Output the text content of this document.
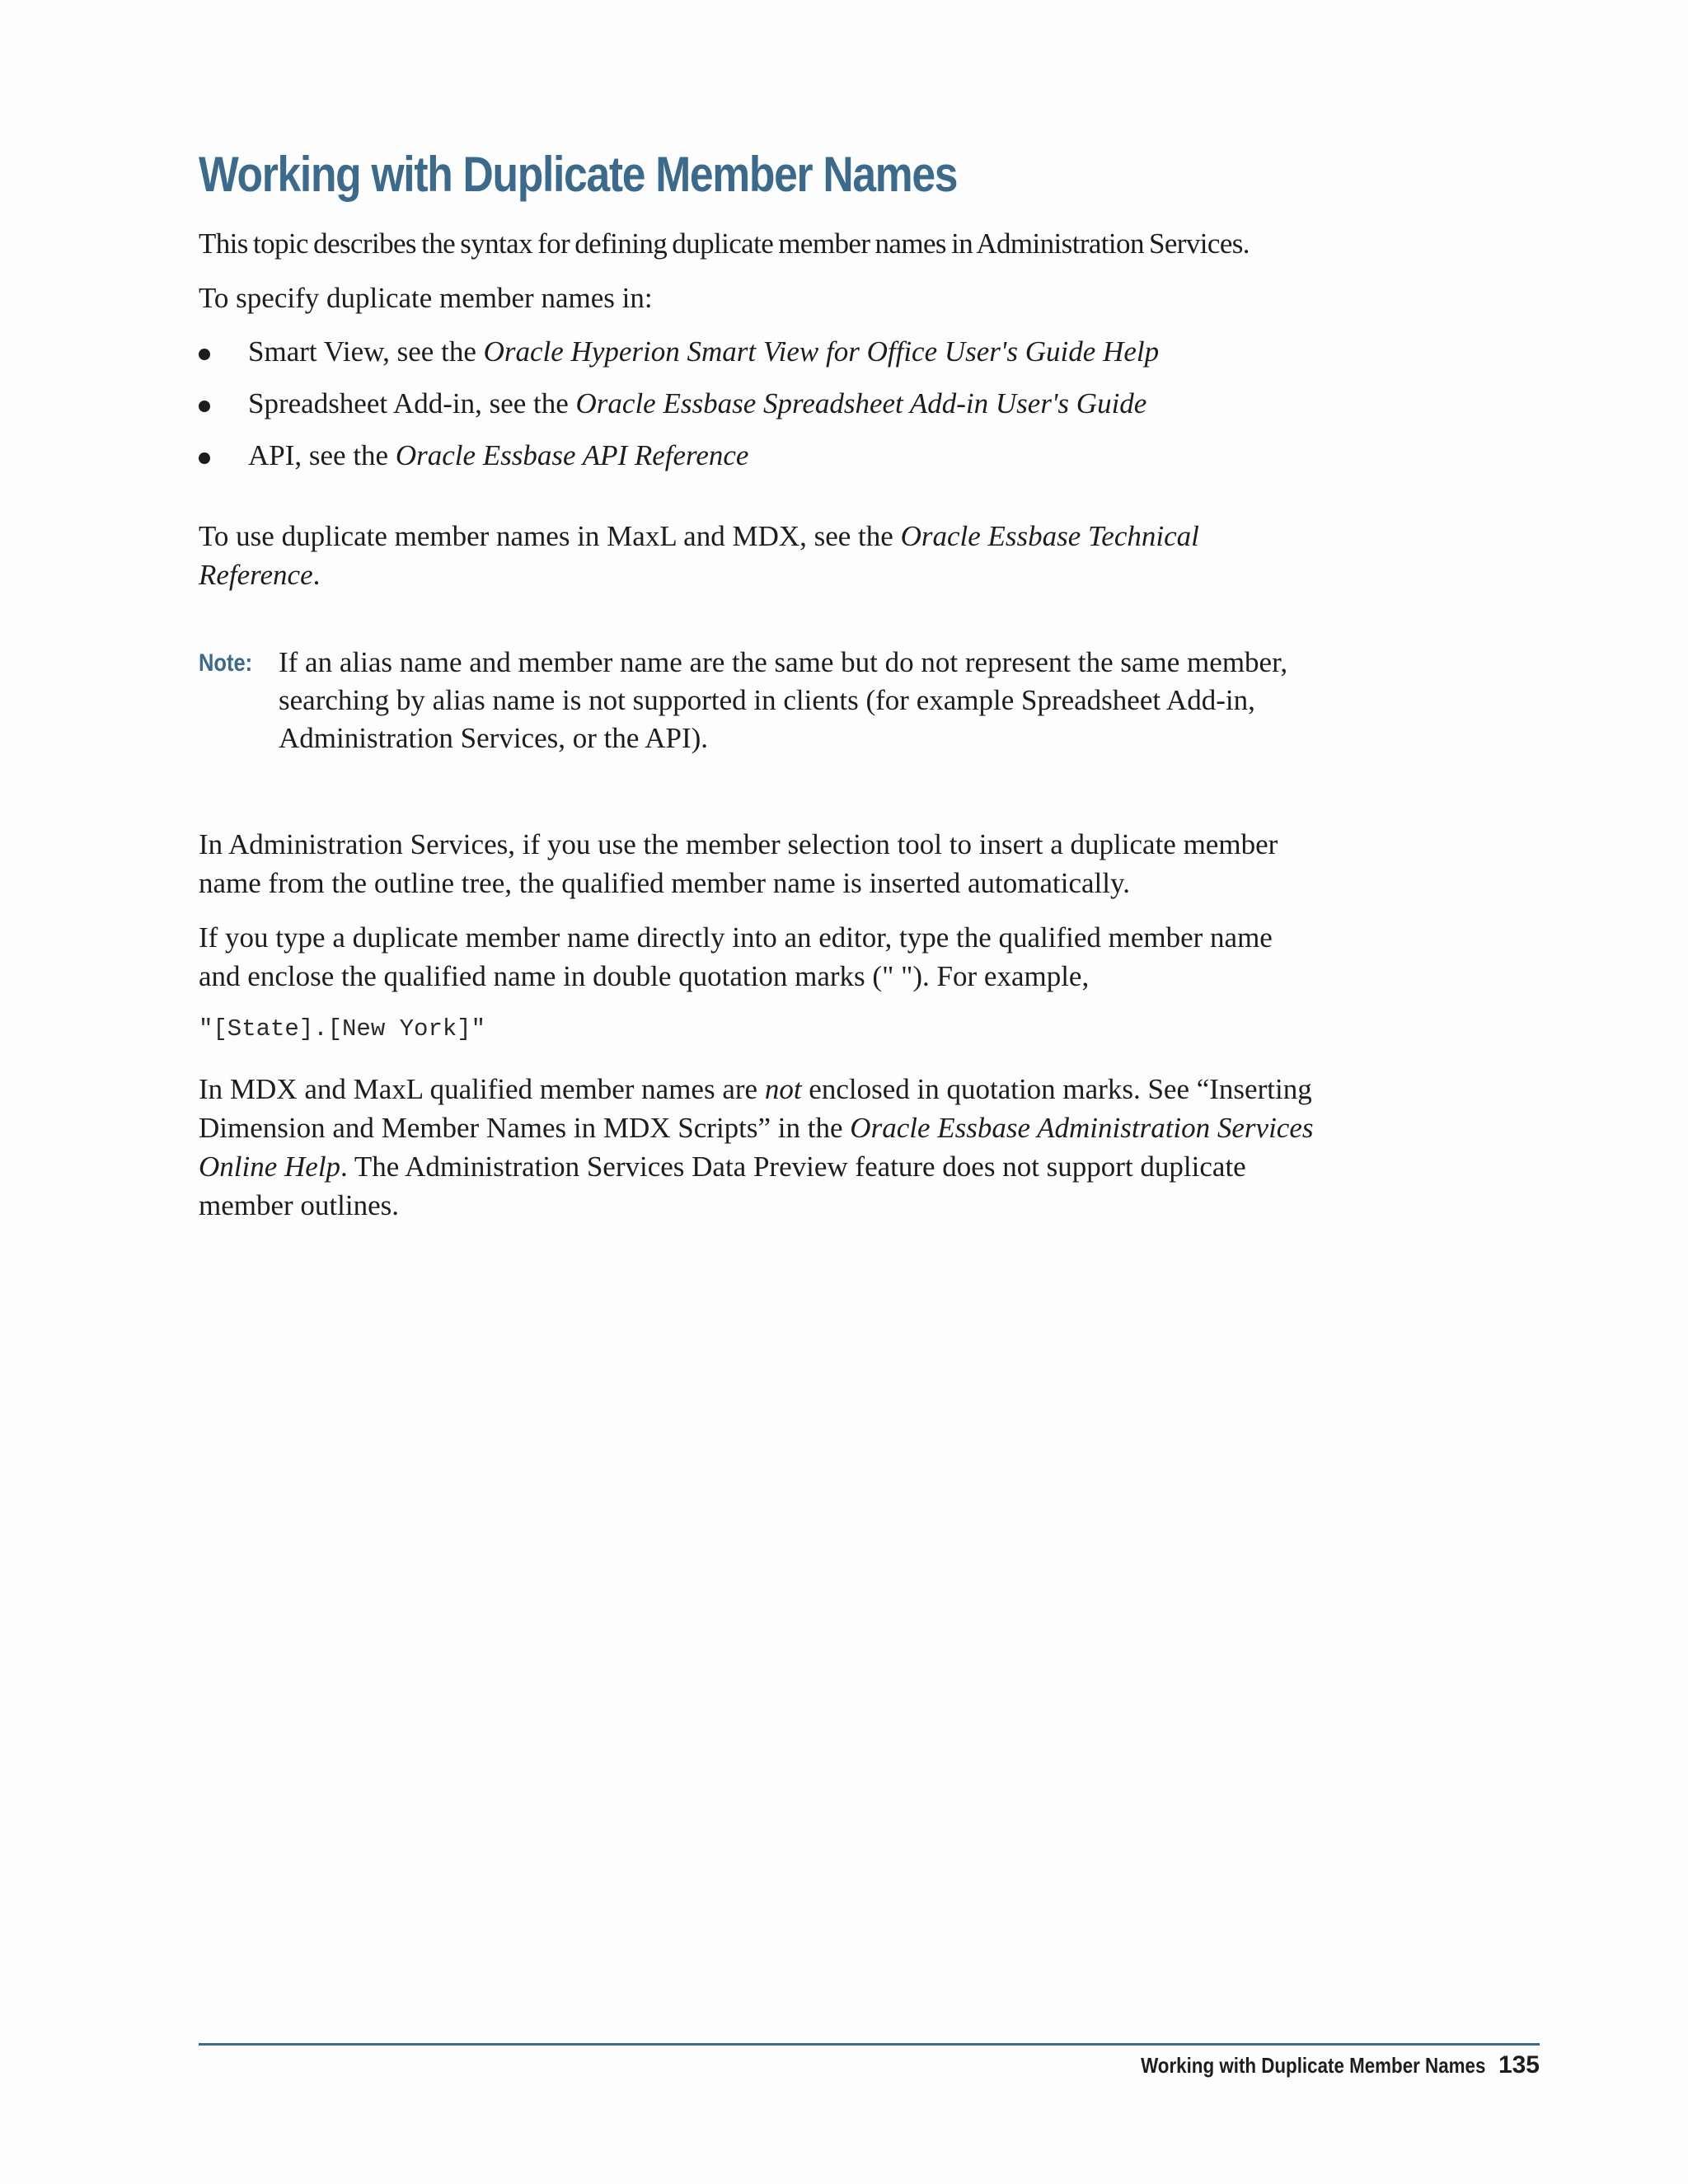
Working with Duplicate Member Names

This topic describes the syntax for defining duplicate member names in Administration Services.

To specify duplicate member names in:

Smart View, see the Oracle Hyperion Smart View for Office User's Guide Help
Spreadsheet Add-in, see the Oracle Essbase Spreadsheet Add-in User's Guide
API, see the Oracle Essbase API Reference

To use duplicate member names in MaxL and MDX, see the Oracle Essbase Technical
Reference.

Note: If an alias name and member name are the same but do not represent the same member,
searching by alias name is not supported in clients (for example Spreadsheet Add-in,
Administration Services, or the API).

In Administration Services, if you use the member selection tool to insert a duplicate member
name from the outline tree, the qualified member name is inserted automatically.

If you type a duplicate member name directly into an editor, type the qualified member name
and enclose the qualified name in double quotation marks (" "). For example,

"[State].[New York]"

In MDX and MaxL qualified member names are not enclosed in quotation marks. See “Inserting
Dimension and Member Names in MDX Scripts” in the Oracle Essbase Administration Services
Online Help. The Administration Services Data Preview feature does not support duplicate
member outlines.

Working with Duplicate Member Names 135
